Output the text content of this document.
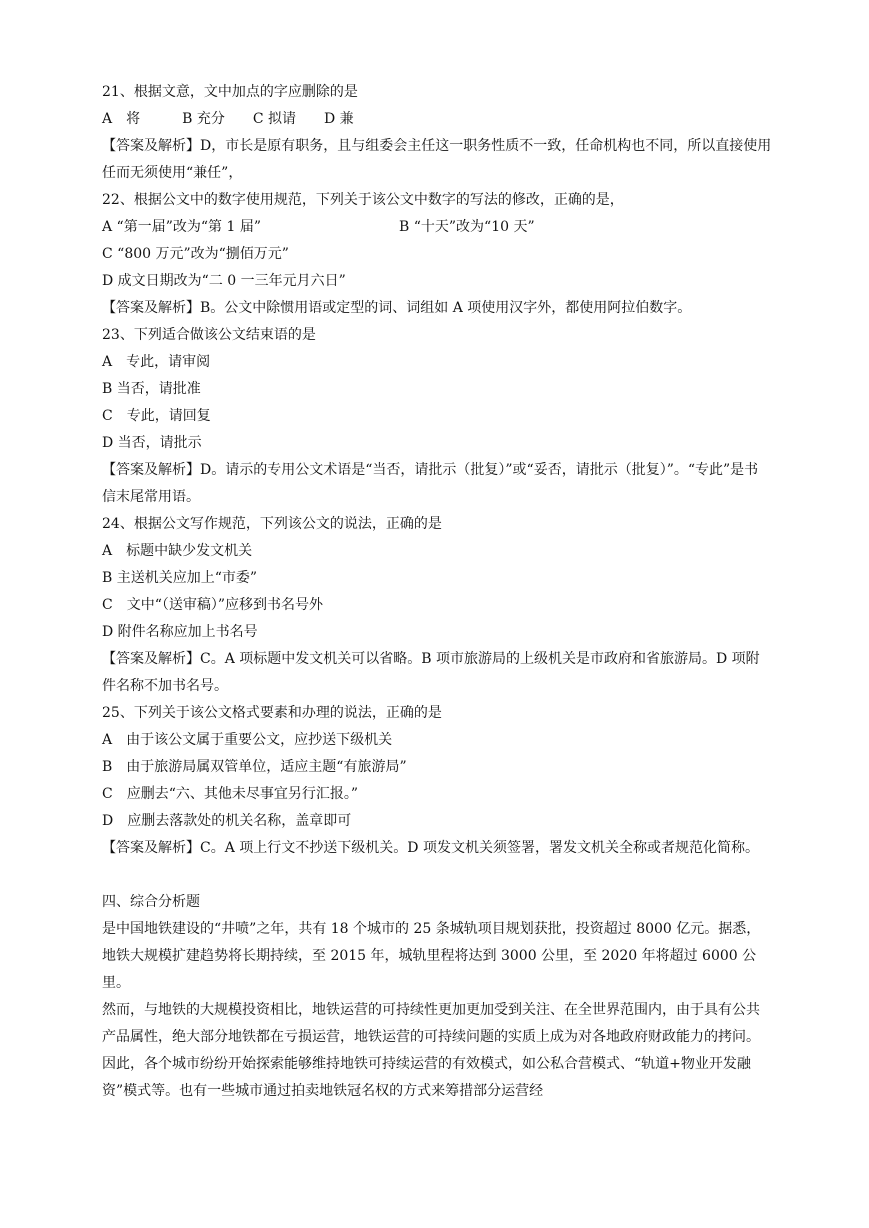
21、根据文意，文中加点的字应删除的是
A　将　　　B 充分　　C 拟请　　D 兼
【答案及解析】D，市长是原有职务，且与组委会主任这一职务性质不一致，任命机构也不同，所以直接使用任而无须使用“兼任”，
22、根据公文中的数字使用规范，下列关于该公文中数字的写法的修改，正确的是，
A “第一届”改为“第 1 届”	B “十天”改为“10 天”
C “800 万元”改为“捌佰万元”
D 成文日期改为“二 0 一三年元月六日”
【答案及解析】B。公文中除惯用语或定型的词、词组如 A 项使用汉字外，都使用阿拉伯数字。
23、下列适合做该公文结束语的是
A　专此，请审阅
B 当否，请批准
C　专此，请回复
D 当否，请批示
【答案及解析】D。请示的专用公文术语是“当否，请批示（批复）”或“妥否，请批示（批复）”。“专此”是书信末尾常用语。
24、根据公文写作规范，下列该公文的说法，正确的是
A　标题中缺少发文机关
B 主送机关应加上“市委”
C　文中“（送审稿）”应移到书名号外
D 附件名称应加上书名号
【答案及解析】C。A 项标题中发文机关可以省略。B 项市旅游局的上级机关是市政府和省旅游局。D 项附件名称不加书名号。
25、下列关于该公文格式要素和办理的说法，正确的是
A　由于该公文属于重要公文，应抄送下级机关
B　由于旅游局属双管单位，适应主题“有旅游局”
C　应删去“六、其他未尽事宜另行汇报。”
D　应删去落款处的机关名称，盖章即可
【答案及解析】C。A 项上行文不抄送下级机关。D 项发文机关须签署，署发文机关全称或者规范化简称。
四、综合分析题
是中国地铁建设的“井喷”之年，共有 18 个城市的 25 条城轨项目规划获批，投资超过 8000 亿元。据悉，地铁大规模扩建趋势将长期持续，至 2015 年，城轨里程将达到 3000 公里，至 2020 年将超过 6000 公里。
然而，与地铁的大规模投资相比，地铁运营的可持续性更加更加受到关注、在全世界范围内，由于具有公共产品属性，绝大部分地铁都在亏损运营，地铁运营的可持续问题的实质上成为对各地政府财政能力的拷问。因此，各个城市纷纷开始探索能够维持地铁可持续运营的有效模式，如公私合营模式、“轨道+物业开发融资”模式等。也有一些城市通过拍卖地铁冠名权的方式来筹措部分运营经
